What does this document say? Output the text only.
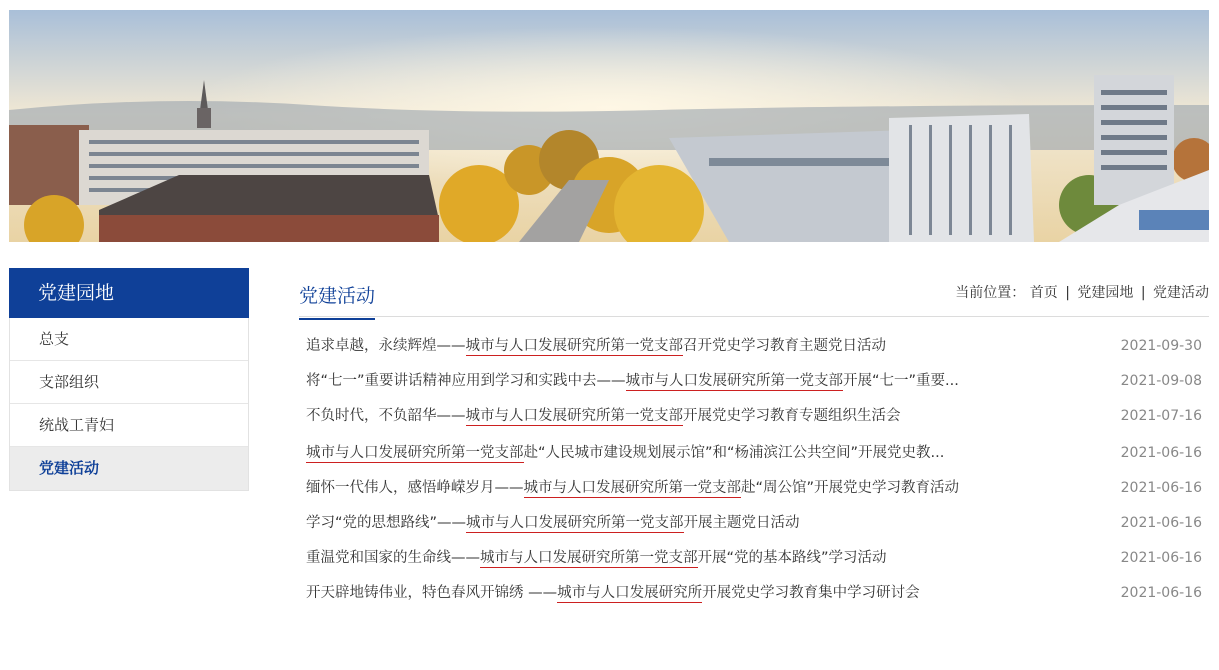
党建园地
总支
支部组织
统战工青妇
党建活动
党建活动	当前位置： 首页 | 党建园地 | 党建活动
追求卓越，永续辉煌——城市与人口发展研究所第一党支部召开党史学习教育主题党日活动	2021-09-30
将“七一”重要讲话精神应用到学习和实践中去——城市与人口发展研究所第一党支部开展“七一”重要...	2021-09-08
不负时代，不负韶华——城市与人口发展研究所第一党支部开展党史学习教育专题组织生活会	2021-07-16
城市与人口发展研究所第一党支部赴“人民城市建设规划展示馆”和“杨浦滨江公共空间”开展党史教...	2021-06-16
缅怀一代伟人，感悟峥嵘岁月——城市与人口发展研究所第一党支部赴“周公馆”开展党史学习教育活动	2021-06-16
学习“党的思想路线”——城市与人口发展研究所第一党支部开展主题党日活动	2021-06-16
重温党和国家的生命线——城市与人口发展研究所第一党支部开展“党的基本路线”学习活动	2021-06-16
开天辟地铸伟业，特色春风开锦绣 ——城市与人口发展研究所开展党史学习教育集中学习研讨会	2021-06-16
